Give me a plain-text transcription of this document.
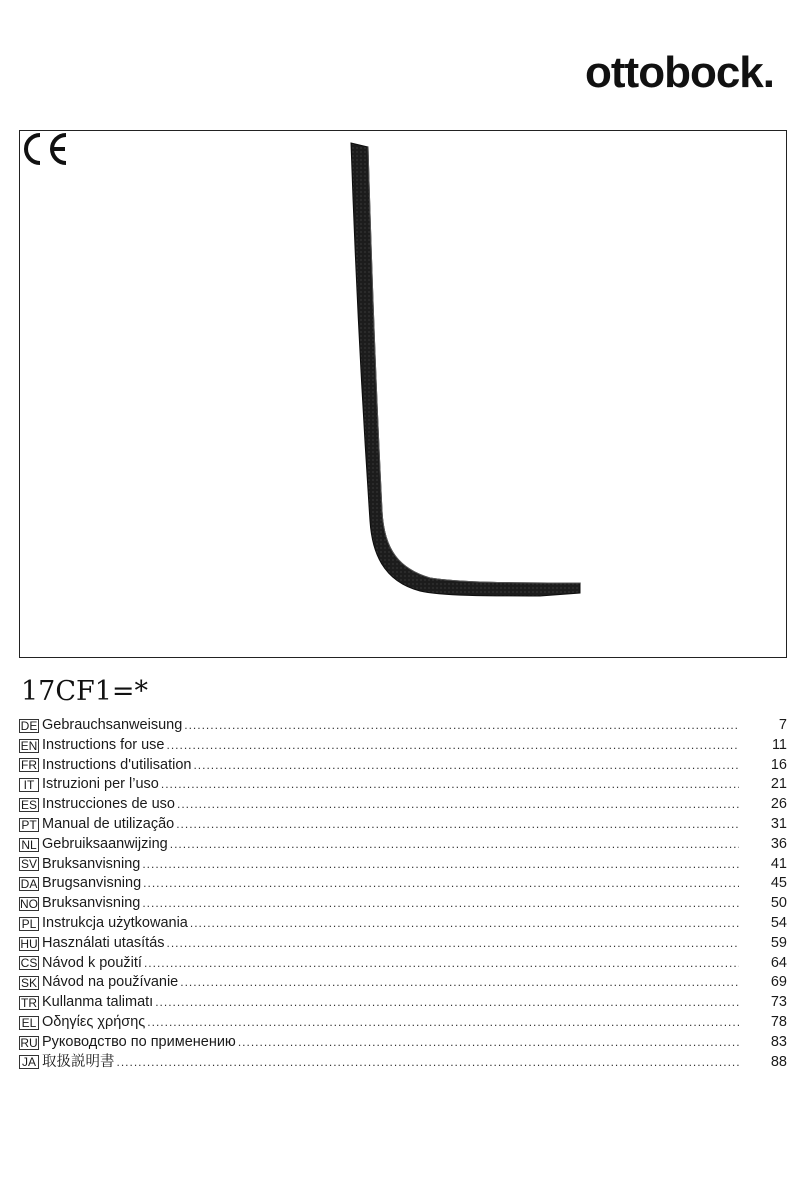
ottobock.
17CF1=*
DE Gebrauchsanweisung .....	7
EN Instructions for use .....	11
FR Instructions d'utilisation .....	16
IT Istruzioni per l’uso .....	21
ES Instrucciones de uso .....	26
PT Manual de utilização .....	31
NL Gebruiksaanwijzing .....	36
SV Bruksanvisning .....	41
DA Brugsanvisning .....	45
NO Bruksanvisning .....	50
PL Instrukcja użytkowania .....	54
HU Használati utasítás .....	59
CS Návod k použití .....	64
SK Návod na používanie .....	69
TR Kullanma talimatı .....	73
EL Οδηγίες χρήσης .....	78
RU Руководство по применению .....	83
JA 取扱説明書 .....	88
